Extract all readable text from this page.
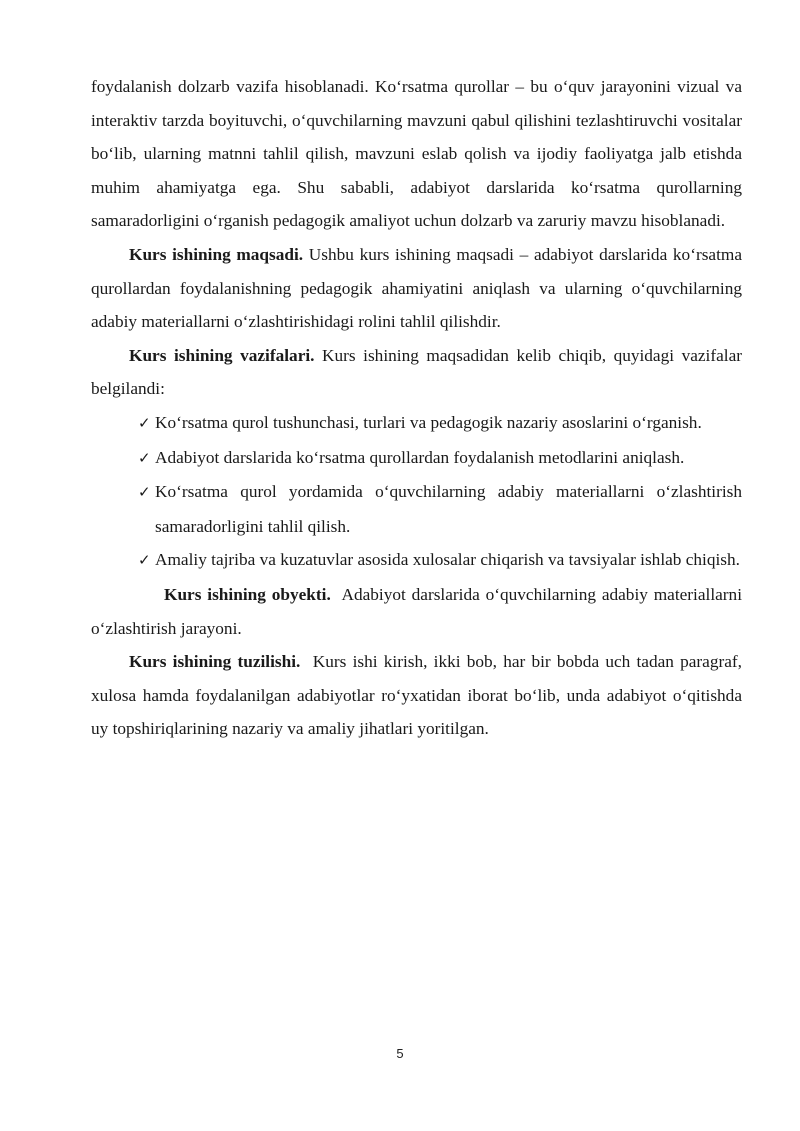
foydalanish dolzarb vazifa hisoblanadi. Ko‘rsatma qurollar – bu o‘quv jarayonini vizual va interaktiv tarzda boyituvchi, o‘quvchilarning mavzuni qabul qilishini tezlashtiruvchi vositalar bo‘lib, ularning matnni tahlil qilish, mavzuni eslab qolish va ijodiy faoliyatga jalb etishda muhim ahamiyatga ega. Shu sababli, adabiyot darslarida ko‘rsatma qurollarning samaradorligini o‘rganish pedagogik amaliyot uchun dolzarb va zaruriy mavzu hisoblanadi.

Kurs ishining maqsadi. Ushbu kurs ishining maqsadi – adabiyot darslarida ko‘rsatma qurollardan foydalanishning pedagogik ahamiyatini aniqlash va ularning o‘quvchilarning adabiy materiallarni o‘zlashtirishidagi rolini tahlil qilishdir.

Kurs ishining vazifalari. Kurs ishining maqsadidan kelib chiqib, quyidagi vazifalar belgilandi:

✓ Ko‘rsatma qurol tushunchasi, turlari va pedagogik nazariy asoslarini o‘rganish.
✓ Adabiyot darslarida ko‘rsatma qurollardan foydalanish metodlarini aniqlash.
✓ Ko‘rsatma qurol yordamida o‘quvchilarning adabiy materiallarni o‘zlashtirish samaradorligini tahlil qilish.
✓ Amaliy tajriba va kuzatuvlar asosida xulosalar chiqarish va tavsiyalar ishlab chiqish.

Kurs ishining obyekti.  Adabiyot darslarida o‘quvchilarning adabiy materiallarni o‘zlashtirish jarayoni.

Kurs ishining tuzilishi.  Kurs ishi kirish, ikki bob, har bir bobda uch tadan paragraf, xulosa hamda foydalanilgan adabiyotlar ro‘yxatidan iborat bo‘lib, unda adabiyot o‘qitishda uy topshiriqlarining nazariy va amaliy jihatlari yoritilgan.

5
